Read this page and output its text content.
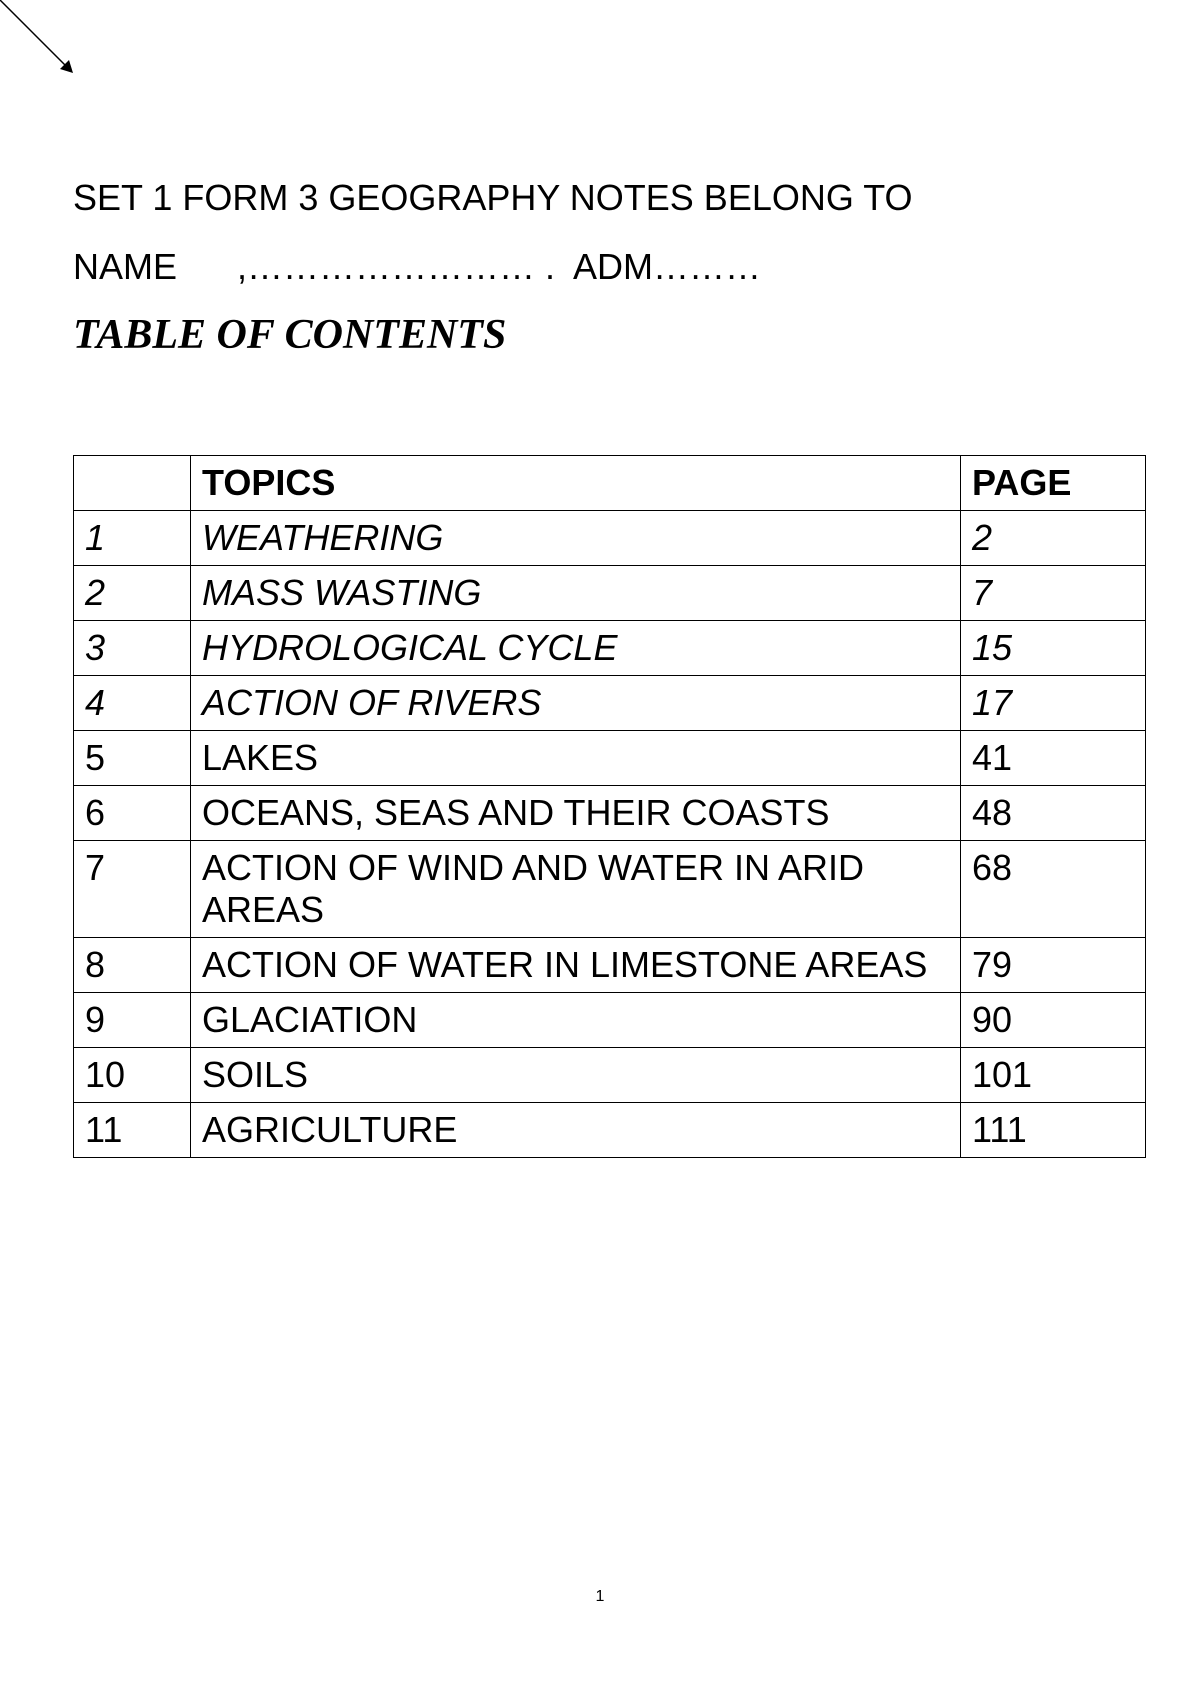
SET 1 FORM 3 GEOGRAPHY NOTES BELONG TO
NAME      ,…………………… .  ADM………
TABLE OF CONTENTS
	TOPICS	PAGE
1	WEATHERING	2
2	MASS WASTING	7
3	HYDROLOGICAL CYCLE	15
4	ACTION OF RIVERS	17
5	LAKES	41
6	OCEANS, SEAS AND THEIR COASTS	48
7	ACTION OF WIND AND WATER IN ARID AREAS	68
8	ACTION OF WATER IN LIMESTONE AREAS	79
9	GLACIATION	90
10	SOILS	101
11	AGRICULTURE	111
1
